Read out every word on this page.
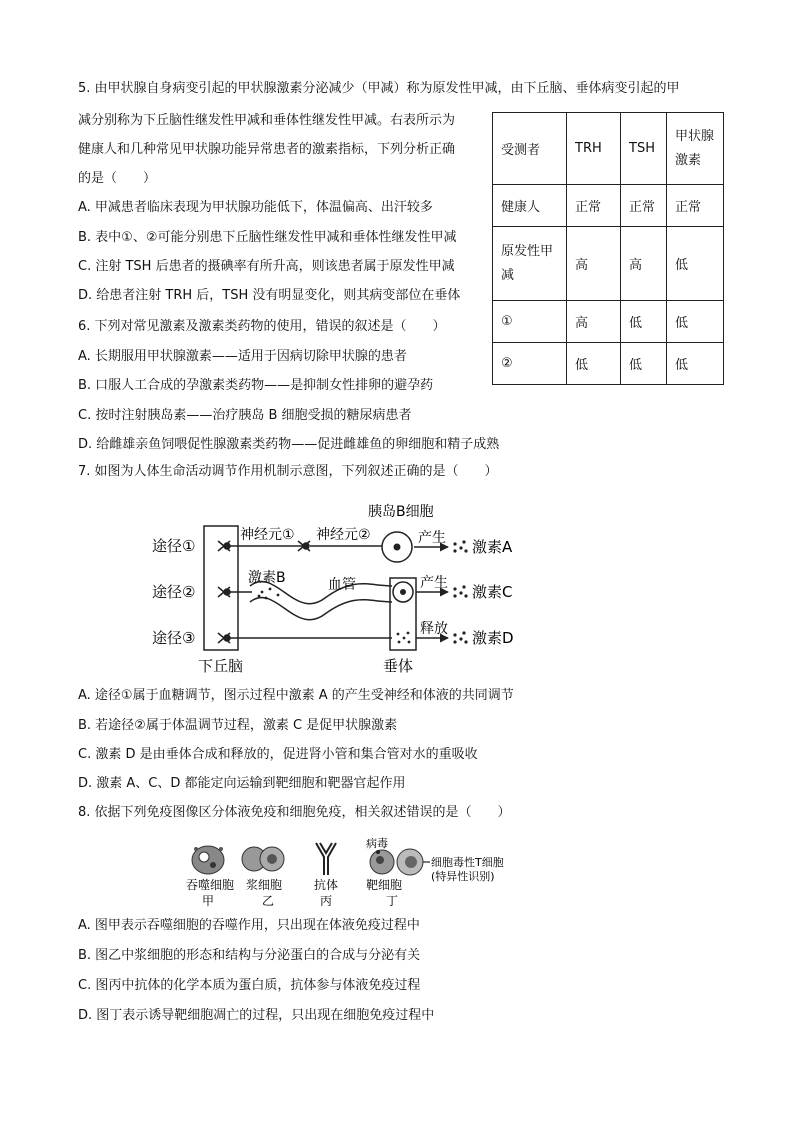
5. 由甲状腺自身病变引起的甲状腺激素分泌减少（甲减）称为原发性甲减，由下丘脑、垂体病变引起的甲
减分别称为下丘脑性继发性甲减和垂体性继发性甲减。右表所示为
健康人和几种常见甲状腺功能异常患者的激素指标，下列分析正确
的是（　　）
A. 甲减患者临床表现为甲状腺功能低下，体温偏高、出汗较多
B. 表中①、②可能分别患下丘脑性继发性甲减和垂体性继发性甲减
C. 注射 TSH 后患者的摄碘率有所升高，则该患者属于原发性甲减
D. 给患者注射 TRH 后，TSH 没有明显变化，则其病变部位在垂体
受测者	TRH	TSH	甲状腺激素
健康人	正常	正常	正常
原发性甲减	高	高	低
①	高	低	低
②	低	低	低
6. 下列对常见激素及激素类药物的使用，错误的叙述是（　　）
A. 长期服用甲状腺激素——适用于因病切除甲状腺的患者
B. 口服人工合成的孕激素类药物——是抑制女性排卵的避孕药
C. 按时注射胰岛素——治疗胰岛 B 细胞受损的糖尿病患者
D. 给雌雄亲鱼饲喂促性腺激素类药物——促进雌雄鱼的卵细胞和精子成熟
7. 如图为人体生命活动调节作用机制示意图，下列叙述正确的是（　　）
途径①
途径②
途径③
下丘脑	垂体
神经元① 神经元②
胰岛B细胞
产生 激素A
激素B	血管	产生 激素C
释放 激素D
A. 途径①属于血糖调节，图示过程中激素 A 的产生受神经和体液的共同调节
B. 若途径②属于体温调节过程，激素 C 是促甲状腺激素
C. 激素 D 是由垂体合成和释放的，促进肾小管和集合管对水的重吸收
D. 激素 A、C、D 都能定向运输到靶细胞和靶器官起作用
8. 依据下列免疫图像区分体液免疫和细胞免疫，相关叙述错误的是（　　）
吞噬细胞
甲
浆细胞
乙
抗体
丙
病毒
靶细胞
丁
细胞毒性T细胞
(特异性识别)
A. 图甲表示吞噬细胞的吞噬作用，只出现在体液免疫过程中
B. 图乙中浆细胞的形态和结构与分泌蛋白的合成与分泌有关
C. 图丙中抗体的化学本质为蛋白质，抗体参与体液免疫过程
D. 图丁表示诱导靶细胞凋亡的过程，只出现在细胞免疫过程中
